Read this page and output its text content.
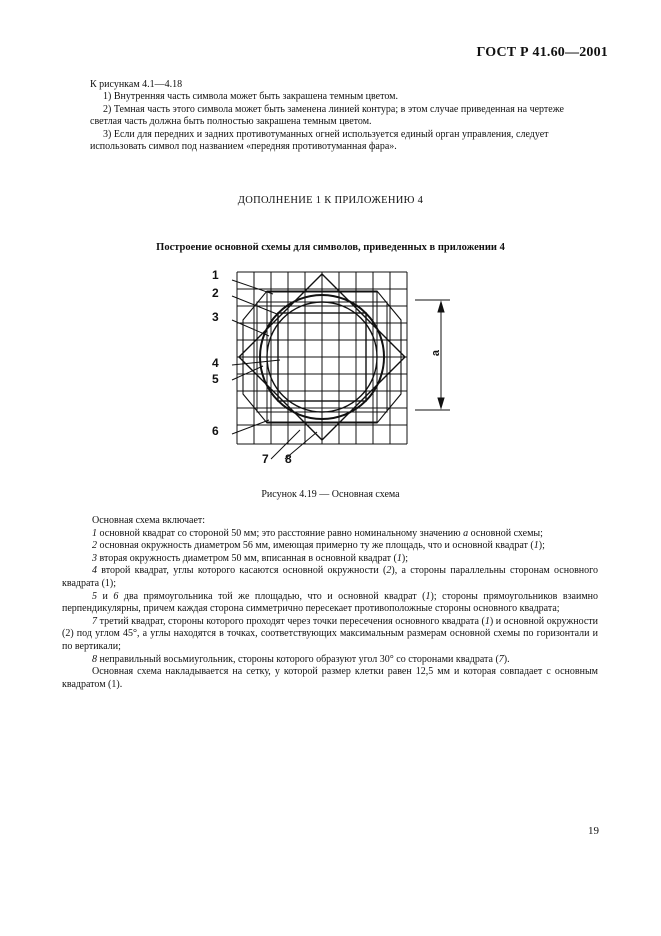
ГОСТ Р 41.60—2001

К рисункам 4.1—4.18

1) Внутренняя часть символа может быть закрашена темным цветом.

2) Темная часть этого символа может быть заменена линией контура; в этом случае приведенная на чертеже светлая часть должна быть полностью закрашена темным цветом.

3) Если для передних и задних противотуманных огней используется единый орган управления, следует использовать символ под названием «передняя противотуманная фара».

ДОПОЛНЕНИЕ 1 К ПРИЛОЖЕНИЮ 4
Построение основной схемы для символов, приведенных в приложении 4
1
2
3
4
5
6
7 8
a
Рисунок 4.19 — Основная схема

Основная схема включает:

1 основной квадрат со стороной 50 мм; это расстояние равно номинальному значению a основной схемы;

2 основная окружность диаметром 56 мм, имеющая примерно ту же площадь, что и основной квадрат (1);

3 вторая окружность диаметром 50 мм, вписанная в основной квадрат (1);

4 второй квадрат, углы которого касаются основной окружности (2), а стороны параллельны сторонам основного квадрата (1);

5 и 6 два прямоугольника той же площадью, что и основной квадрат (1); стороны прямоугольников взаимно перпендикулярны, причем каждая сторона симметрично пересекает противоположные стороны основного квадрата;

7 третий квадрат, стороны которого проходят через точки пересечения основного квадрата (1) и основной окружности (2) под углом 45°, а углы находятся в точках, соответствующих максимальным размерам основной схемы по горизонтали и по вертикали;

8 неправильный восьмиугольник, стороны которого образуют угол 30° со сторонами квадрата (7).

Основная схема накладывается на сетку, у которой размер клетки равен 12,5 мм и которая совпадает с основным квадратом (1).

19
